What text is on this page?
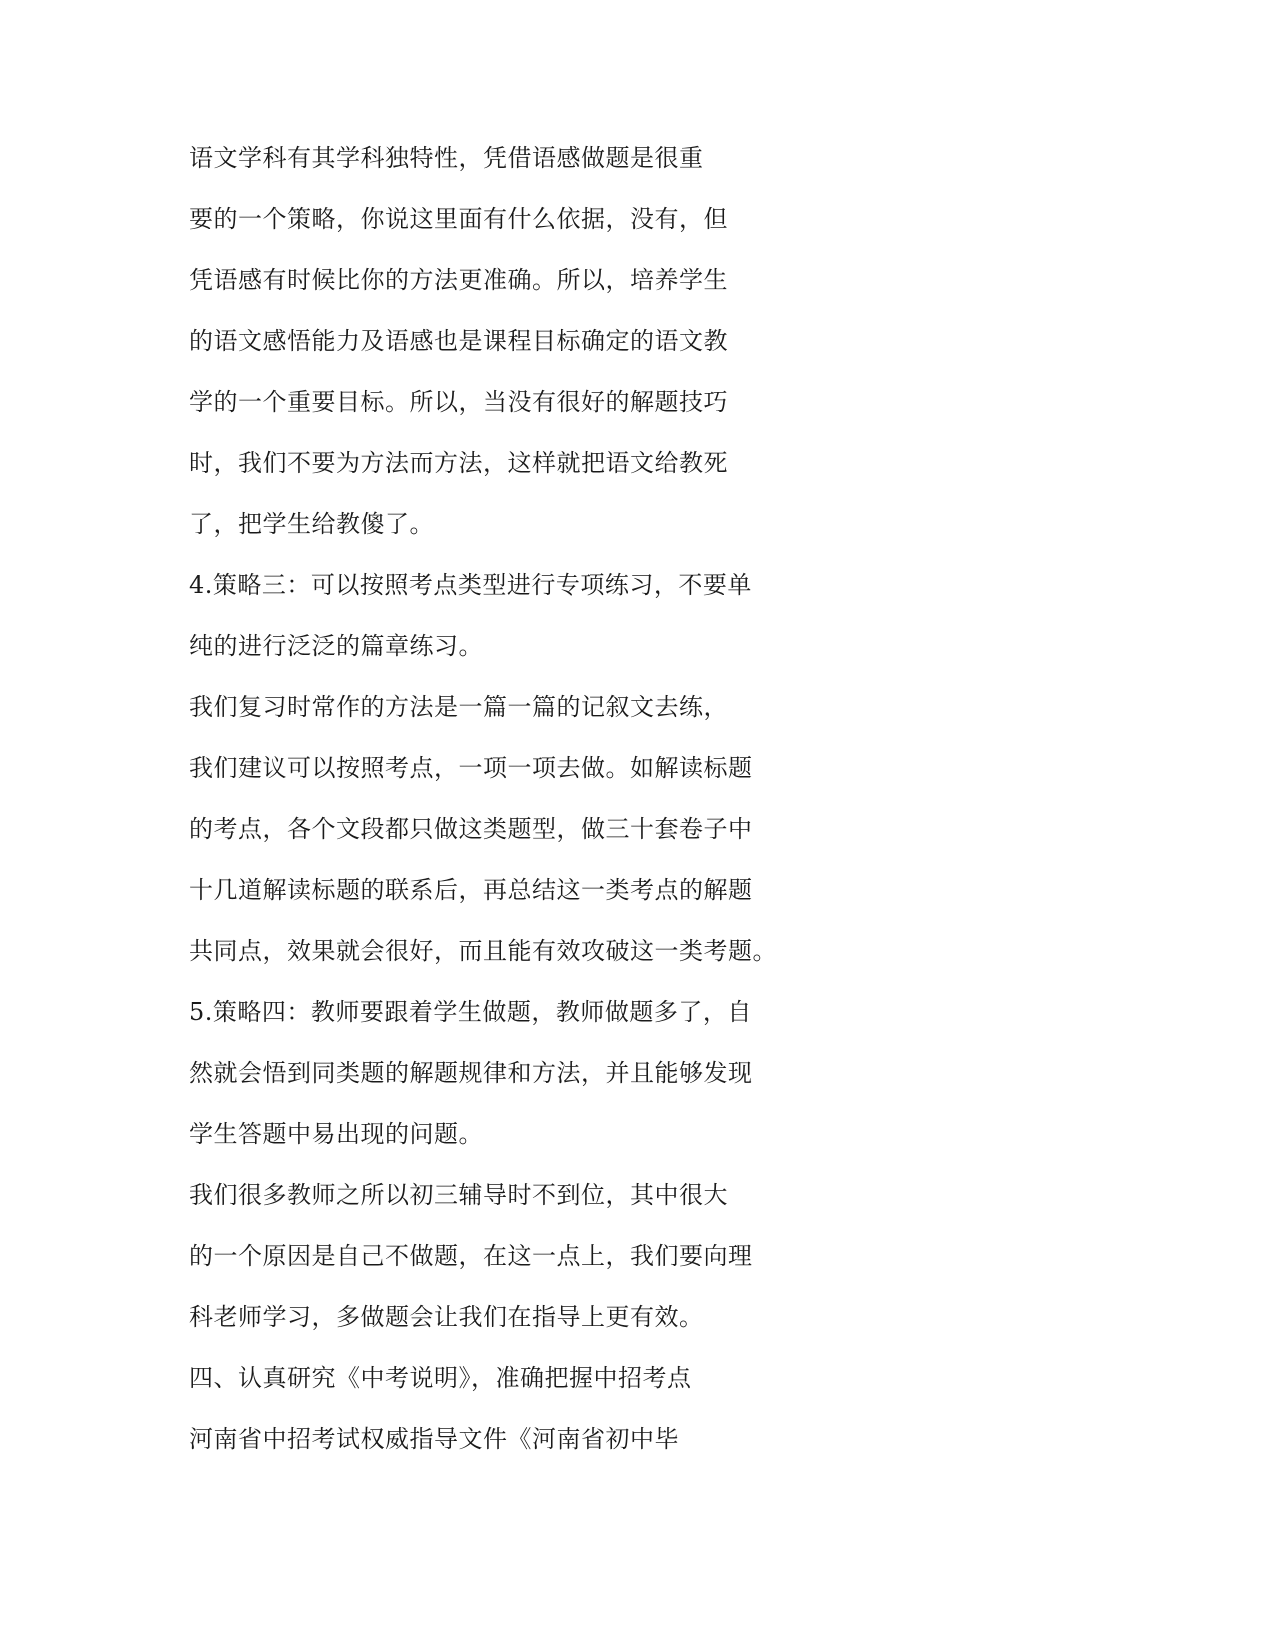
语文学科有其学科独特性，凭借语感做题是很重

要的一个策略，你说这里面有什么依据，没有，但

凭语感有时候比你的方法更准确。所以，培养学生

的语文感悟能力及语感也是课程目标确定的语文教

学的一个重要目标。所以，当没有很好的解题技巧

时，我们不要为方法而方法，这样就把语文给教死

了，把学生给教傻了。

4.策略三：可以按照考点类型进行专项练习，不要单

纯的进行泛泛的篇章练习。

我们复习时常作的方法是一篇一篇的记叙文去练，

我们建议可以按照考点，一项一项去做。如解读标题

的考点，各个文段都只做这类题型，做三十套卷子中

十几道解读标题的联系后，再总结这一类考点的解题

共同点，效果就会很好，而且能有效攻破这一类考题。

5.策略四：教师要跟着学生做题，教师做题多了，自

然就会悟到同类题的解题规律和方法，并且能够发现

学生答题中易出现的问题。

我们很多教师之所以初三辅导时不到位，其中很大

的一个原因是自己不做题，在这一点上，我们要向理

科老师学习，多做题会让我们在指导上更有效。

四、认真研究《中考说明》，准确把握中招考点

河南省中招考试权威指导文件《河南省初中毕
